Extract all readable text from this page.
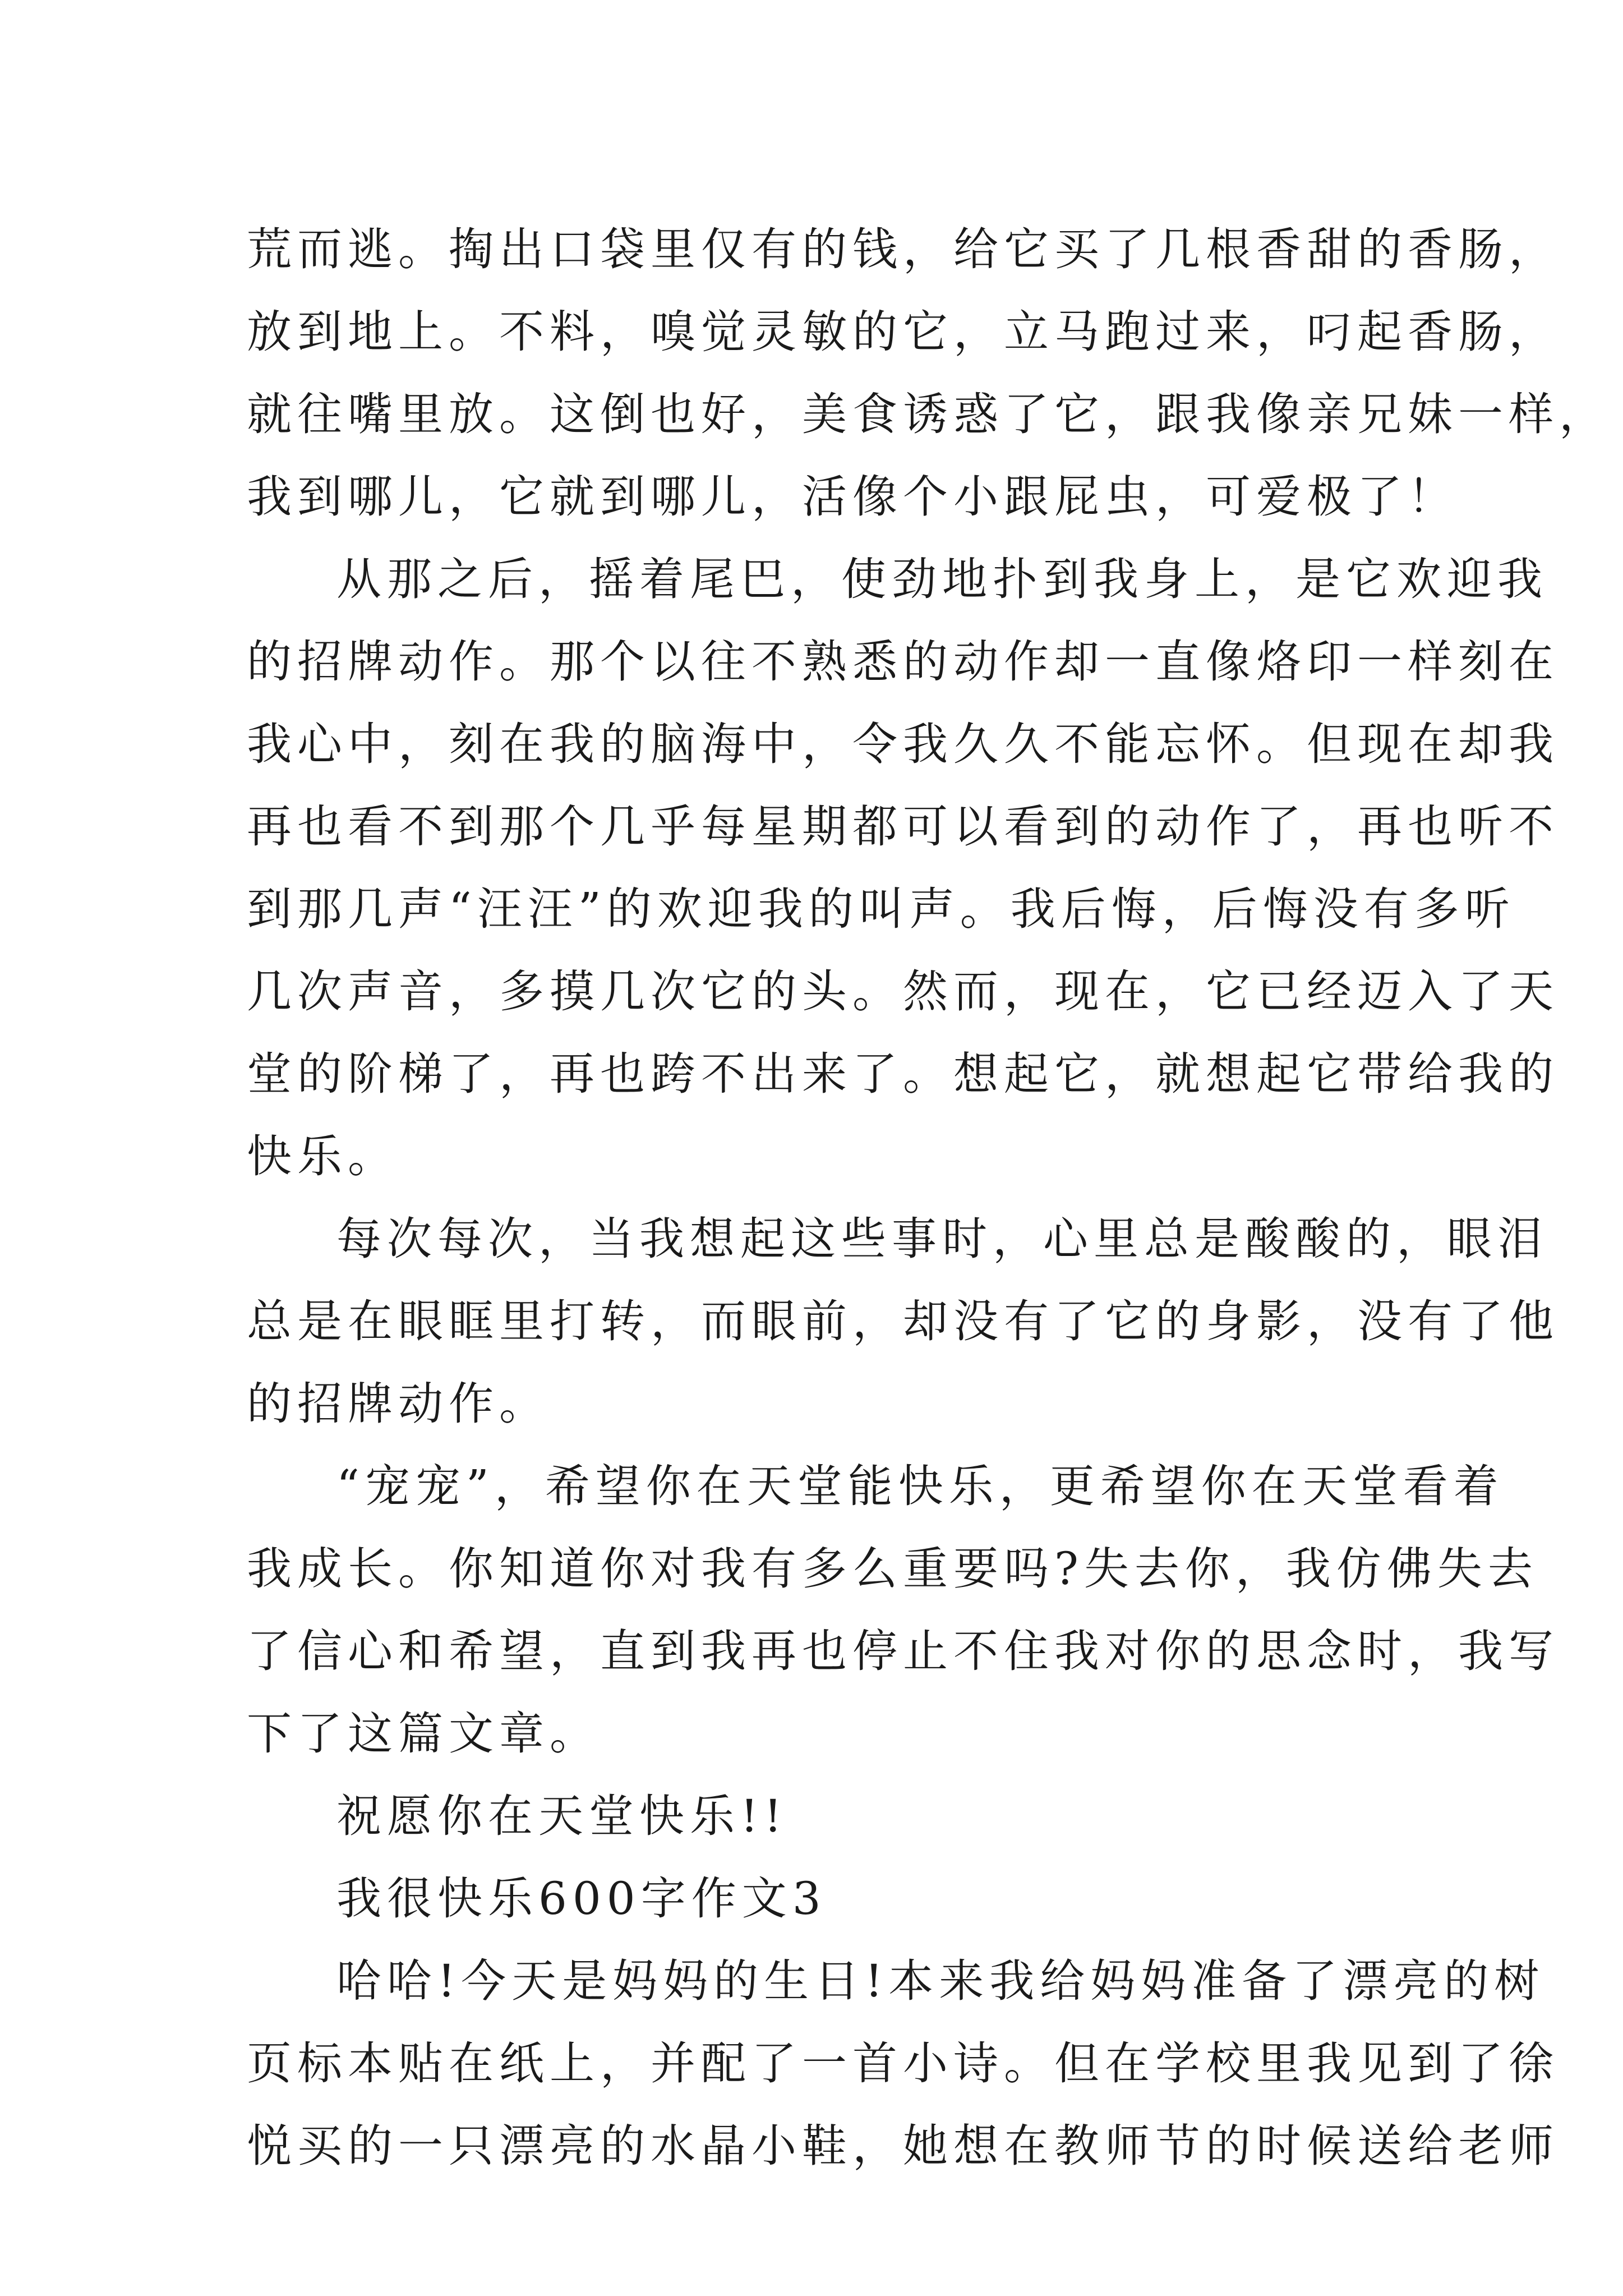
荒而逃。掏出口袋里仅有的钱，给它买了几根香甜的香肠，
放到地上。不料，嗅觉灵敏的它，立马跑过来，叼起香肠，
就往嘴里放。这倒也好，美食诱惑了它，跟我像亲兄妹一样，
我到哪儿，它就到哪儿，活像个小跟屁虫，可爱极了！
从那之后，摇着尾巴，使劲地扑到我身上，是它欢迎我
的招牌动作。那个以往不熟悉的动作却一直像烙印一样刻在
我心中，刻在我的脑海中，令我久久不能忘怀。但现在却我
再也看不到那个几乎每星期都可以看到的动作了，再也听不
到那几声“汪汪”的欢迎我的叫声。我后悔，后悔没有多听
几次声音，多摸几次它的头。然而，现在，它已经迈入了天
堂的阶梯了，再也跨不出来了。想起它，就想起它带给我的
快乐。
每次每次，当我想起这些事时，心里总是酸酸的，眼泪
总是在眼眶里打转，而眼前，却没有了它的身影，没有了他
的招牌动作。
“宠宠”，希望你在天堂能快乐，更希望你在天堂看着
我成长。你知道你对我有多么重要吗?失去你，我仿佛失去
了信心和希望，直到我再也停止不住我对你的思念时，我写
下了这篇文章。
祝愿你在天堂快乐!!
我很快乐600字作文3
哈哈!今天是妈妈的生日!本来我给妈妈准备了漂亮的树
页标本贴在纸上，并配了一首小诗。但在学校里我见到了徐
悦买的一只漂亮的水晶小鞋，她想在教师节的时候送给老师
